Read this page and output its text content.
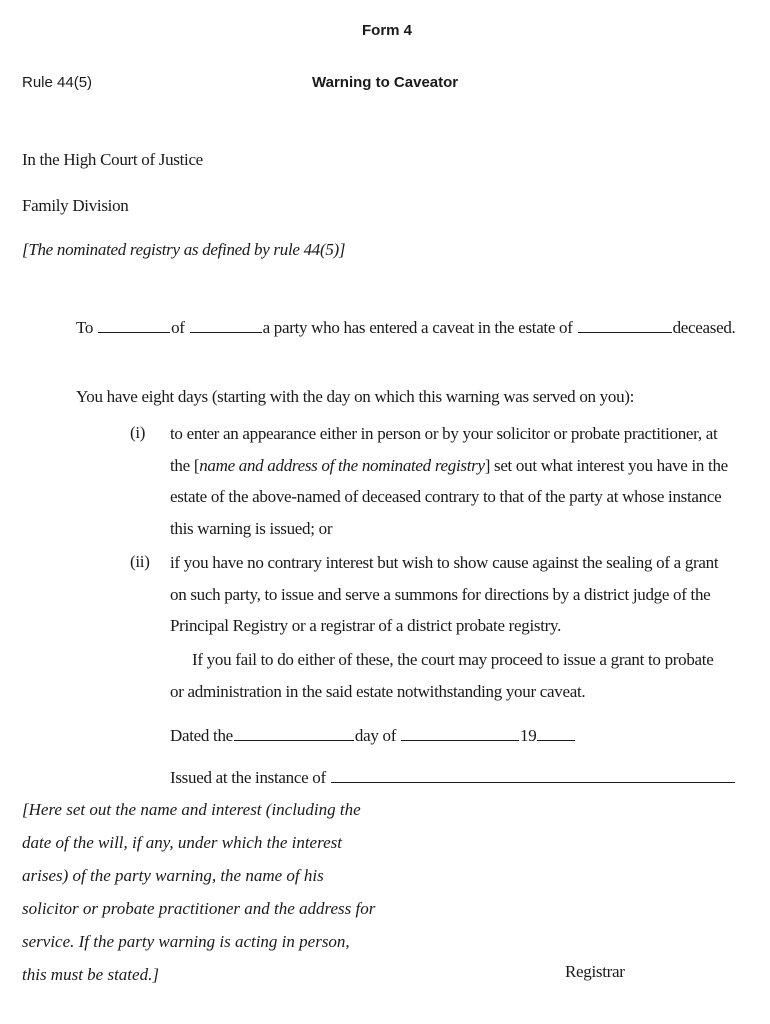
Form 4
Rule 44(5)	Warning to Caveator
In the High Court of Justice
Family Division
[The nominated registry as defined by rule 44(5)]
To	of	a party who has entered a caveat in the estate of	deceased.
You have eight days (starting with the day on which this warning was served on you):
(i) to enter an appearance either in person or by your solicitor or probate practitioner, at
the [name and address of the nominated registry] set out what interest you have in the
estate of the above-named of deceased contrary to that of the party at whose instance
this warning is issued; or
(ii) if you have no contrary interest but wish to show cause against the sealing of a grant
on such party, to issue and serve a summons for directions by a district judge of the
Principal Registry or a registrar of a district probate registry.
If you fail to do either of these, the court may proceed to issue a grant to probate
or administration in the said estate notwithstanding your caveat.
Dated the	day of	19
Issued at the instance of
[Here set out the name and interest (including the
date of the will, if any, under which the interest
arises) of the party warning, the name of his
solicitor or probate practitioner and the address for
service. If the party warning is acting in person,
this must be stated.]	Registrar
